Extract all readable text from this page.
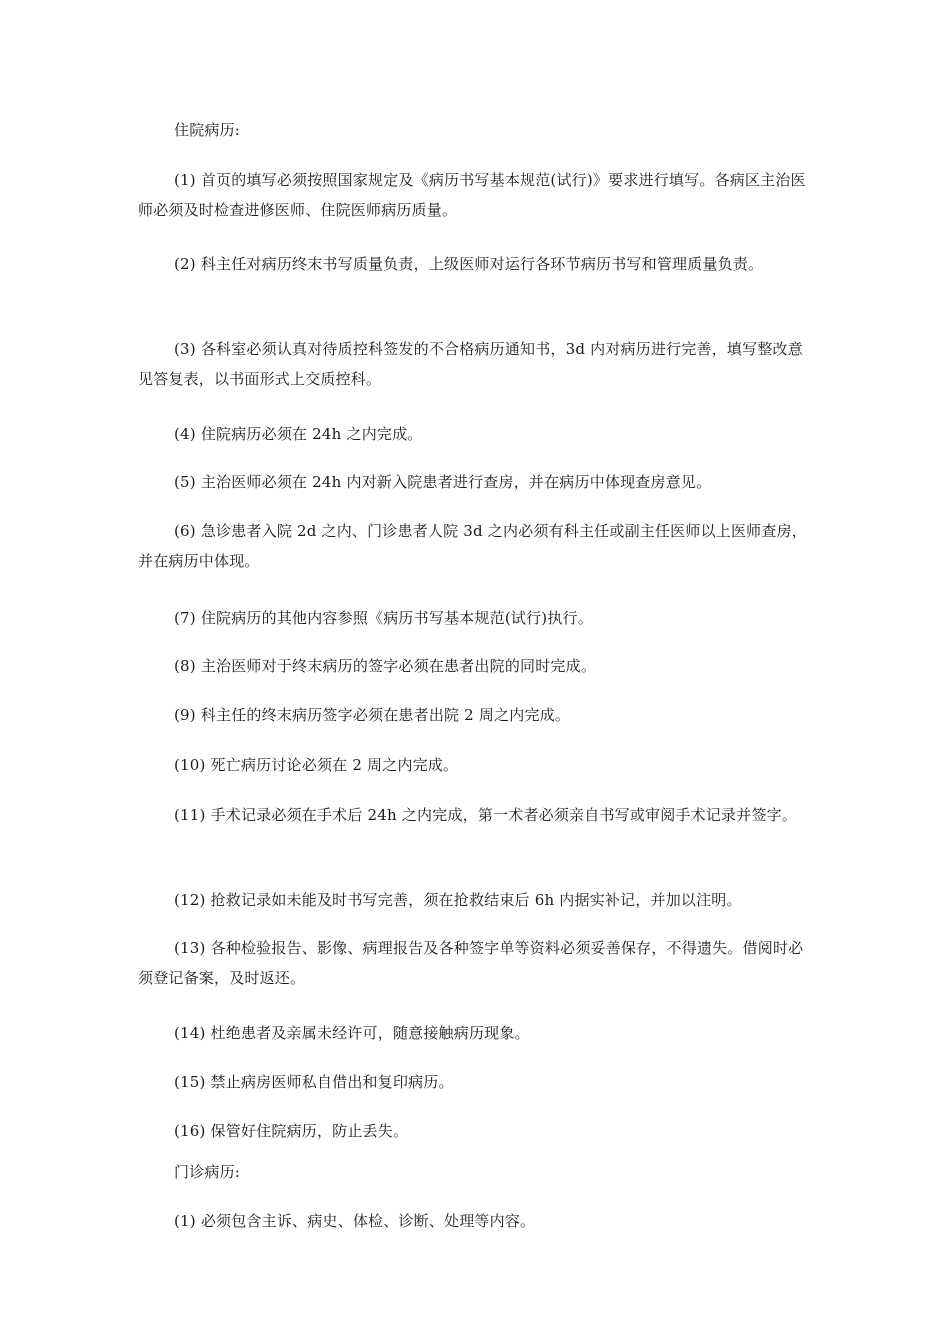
住院病历:
(1) 首页的填写必须按照国家规定及《病历书写基本规范(试行)》要求进行填写。各病区主治医师必须及时检查进修医师、住院医师病历质量。
(2) 科主任对病历终末书写质量负责，上级医师对运行各环节病历书写和管理质量负责。
(3) 各科室必须认真对待质控科签发的不合格病历通知书，3d 内对病历进行完善，填写整改意见答复表，以书面形式上交质控科。
(4) 住院病历必须在 24h 之内完成。
(5) 主治医师必须在 24h 内对新入院患者进行查房，并在病历中体现查房意见。
(6) 急诊患者入院 2d 之内、门诊患者人院 3d 之内必须有科主任或副主任医师以上医师查房，并在病历中体现。
(7) 住院病历的其他内容参照《病历书写基本规范(试行)执行。
(8) 主治医师对于终末病历的签字必须在患者出院的同时完成。
(9) 科主任的终末病历签字必须在患者出院 2 周之内完成。
(10) 死亡病历讨论必须在 2 周之内完成。
(11) 手术记录必须在手术后 24h 之内完成，第一术者必须亲自书写或审阅手术记录并签字。
(12) 抢救记录如未能及时书写完善，须在抢救结束后 6h 内据实补记，并加以注明。
(13) 各种检验报告、影像、病理报告及各种签字单等资料必须妥善保存，不得遗失。借阅时必须登记备案，及时返还。
(14) 杜绝患者及亲属未经许可，随意接触病历现象。
(15) 禁止病房医师私自借出和复印病历。
(16) 保管好住院病历，防止丢失。
门诊病历:
(1) 必须包含主诉、病史、体检、诊断、处理等内容。
